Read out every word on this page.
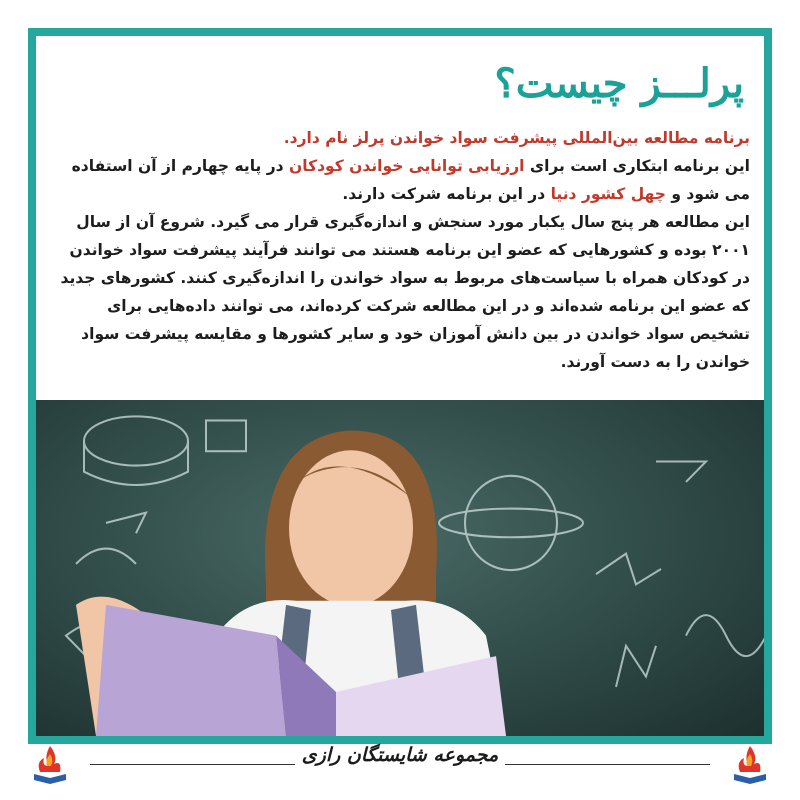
پرلـــز چیست؟

برنامه مطالعه بین‌المللی پیشرفت سواد خواندن پرلز نام دارد.

این برنامه ابتکاری است برای ارزیابی توانایی خواندن کودکان در پایه چهارم از آن استفاده می شود و چهل کشور دنیا در این برنامه شرکت دارند.

این مطالعه هر پنج سال یکبار مورد سنجش و اندازه‌گیری قرار می گیرد. شروع آن از سال ۲۰۰۱ بوده و کشورهایی که عضو این برنامه هستند می توانند فرآیند پیشرفت سواد خواندن در کودکان همراه با سیاست‌های مربوط به سواد خواندن را اندازه‌گیری کنند. کشورهای جدید که عضو این برنامه شده‌اند و در این مطالعه شرکت کرده‌اند، می توانند داده‌هایی برای تشخیص سواد خواندن در بین دانش آموزان خود و سایر کشورها و مقایسه پیشرفت سواد خواندن را به دست آورند.

مجموعه شایستگان رازی
